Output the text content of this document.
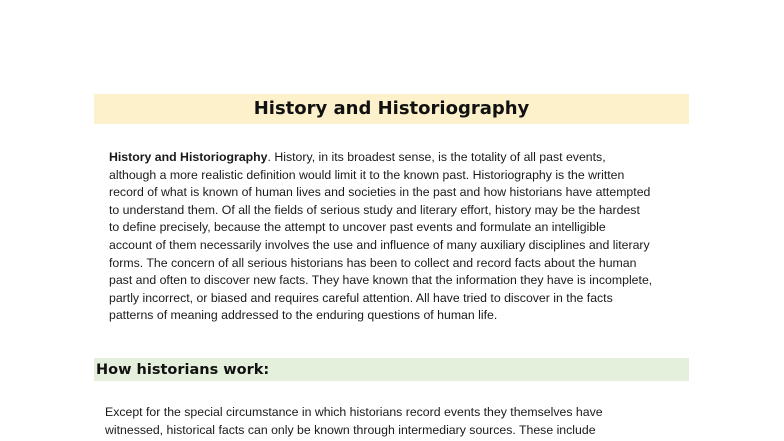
History and Historiography
History and Historiography. History, in its broadest sense, is the totality of all past events,
although a more realistic definition would limit it to the known past. Historiography is the written
record of what is known of human lives and societies in the past and how historians have attempted
to understand them. Of all the fields of serious study and literary effort, history may be the hardest
to define precisely, because the attempt to uncover past events and formulate an intelligible
account of them necessarily involves the use and influence of many auxiliary disciplines and literary
forms. The concern of all serious historians has been to collect and record facts about the human
past and often to discover new facts. They have known that the information they have is incomplete,
partly incorrect, or biased and requires careful attention. All have tried to discover in the facts
patterns of meaning addressed to the enduring questions of human life.
How historians work:
Except for the special circumstance in which historians record events they themselves have
witnessed, historical facts can only be known through intermediary sources. These include
